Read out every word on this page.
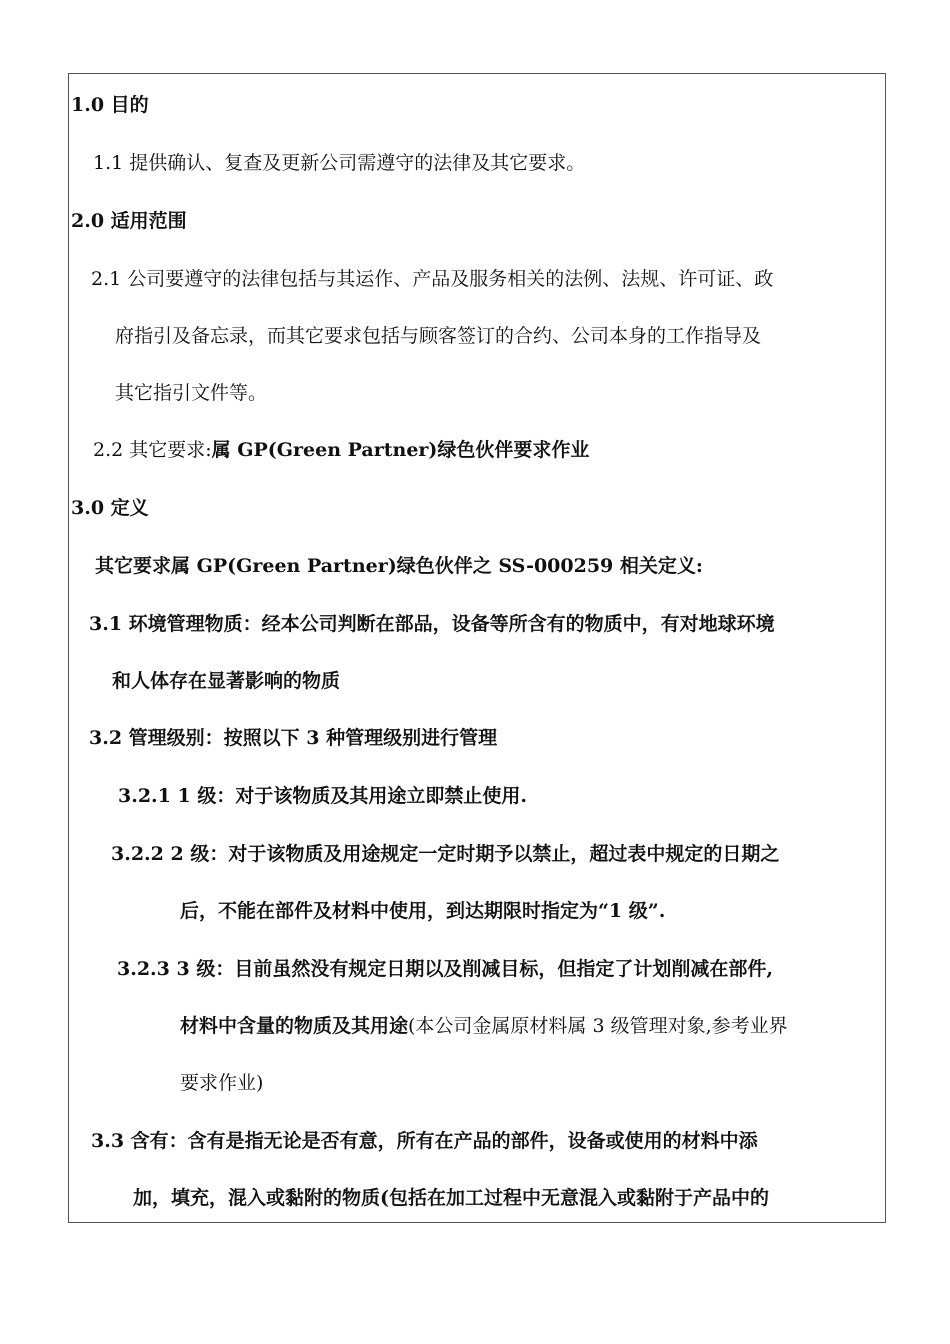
1.0 目的
1.1 提供确认、复查及更新公司需遵守的法律及其它要求。
2.0 适用范围
2.1 公司要遵守的法律包括与其运作、产品及服务相关的法例、法规、许可证、政
府指引及备忘录，而其它要求包括与顾客签订的合约、公司本身的工作指导及
其它指引文件等。
2.2 其它要求:属 GP(Green Partner)绿色伙伴要求作业
3.0 定义
其它要求属 GP(Green Partner)绿色伙伴之 SS-000259 相关定义:
3.1 环境管理物质：经本公司判断在部品，设备等所含有的物质中，有对地球环境
和人体存在显著影响的物质
3.2 管理级别：按照以下 3 种管理级别进行管理
3.2.1 1 级：对于该物质及其用途立即禁止使用.
3.2.2 2 级：对于该物质及用途规定一定时期予以禁止，超过表中规定的日期之
后，不能在部件及材料中使用，到达期限时指定为“1 级”.
3.2.3 3 级：目前虽然没有规定日期以及削减目标，但指定了计划削减在部件,
材料中含量的物质及其用途(本公司金属原材料属 3 级管理对象,参考业界
要求作业)
3.3 含有：含有是指无论是否有意，所有在产品的部件，设备或使用的材料中添
加，填充，混入或黏附的物质(包括在加工过程中无意混入或黏附于产品中的
